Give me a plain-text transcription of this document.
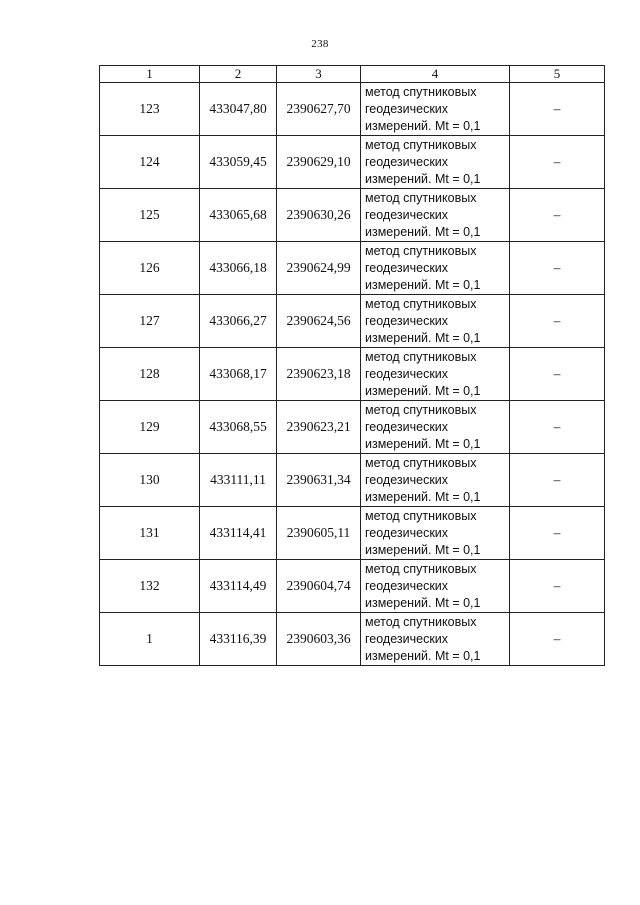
238
1	2	3	4	5
123	433047,80	2390627,70	метод спутниковых
геодезических
измерений. Mt = 0,1	–
124	433059,45	2390629,10	метод спутниковых
геодезических
измерений. Mt = 0,1	–
125	433065,68	2390630,26	метод спутниковых
геодезических
измерений. Mt = 0,1	–
126	433066,18	2390624,99	метод спутниковых
геодезических
измерений. Mt = 0,1	–
127	433066,27	2390624,56	метод спутниковых
геодезических
измерений. Mt = 0,1	–
128	433068,17	2390623,18	метод спутниковых
геодезических
измерений. Mt = 0,1	–
129	433068,55	2390623,21	метод спутниковых
геодезических
измерений. Mt = 0,1	–
130	433111,11	2390631,34	метод спутниковых
геодезических
измерений. Mt = 0,1	–
131	433114,41	2390605,11	метод спутниковых
геодезических
измерений. Mt = 0,1	–
132	433114,49	2390604,74	метод спутниковых
геодезических
измерений. Mt = 0,1	–
1	433116,39	2390603,36	метод спутниковых
геодезических
измерений. Mt = 0,1	–
